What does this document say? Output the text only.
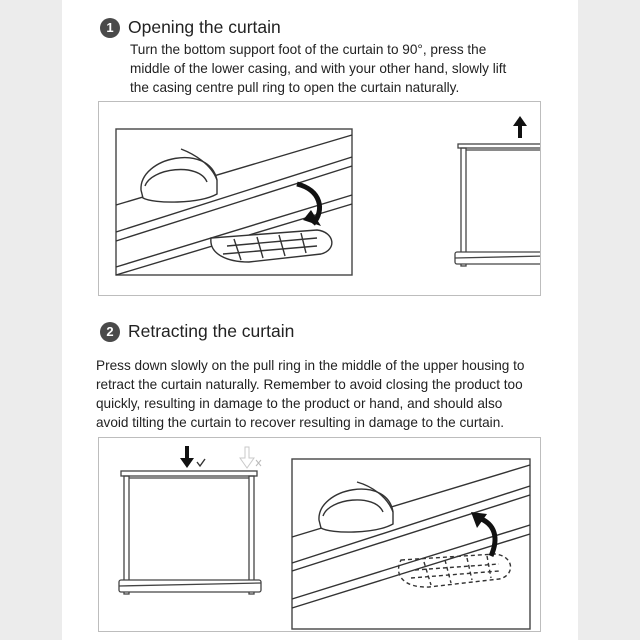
1 Opening the curtain

Turn the bottom support foot of the curtain to 90°, press the
middle of the lower casing, and with your other hand, slowly lift
the casing centre pull ring to open the curtain naturally.

2 Retracting the curtain

Press down slowly on the pull ring in the middle of the upper housing to
retract the curtain naturally. Remember to avoid closing the product too
quickly, resulting in damage to the product or hand, and should also
avoid tilting the curtain to recover resulting in damage to the curtain.
